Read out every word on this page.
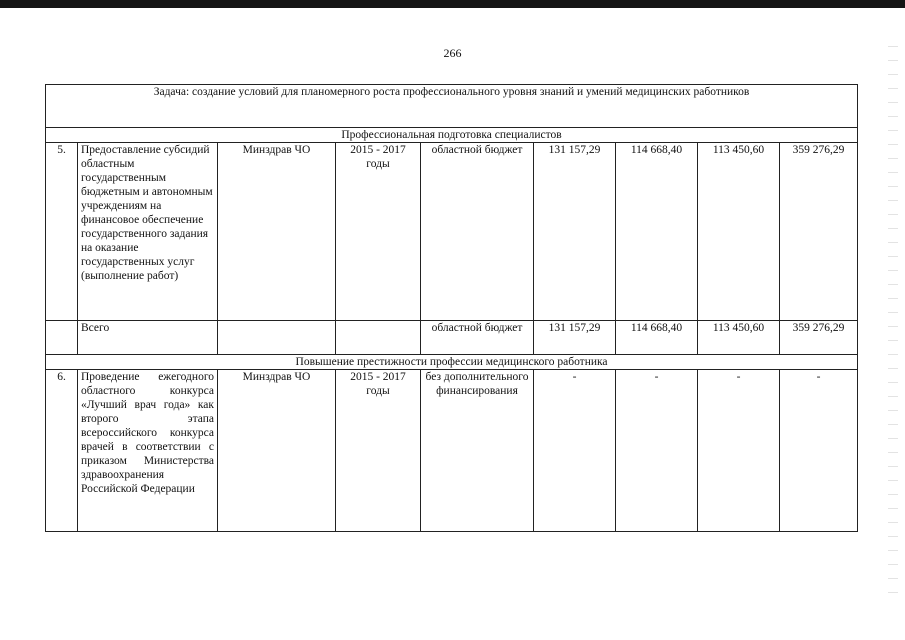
266
Задача: создание условий для планомерного роста профессионального уровня знаний и умений медицинских работников								
Профессиональная подготовка специалистов								
5.	Предоставление субсидий областным государственным бюджетным и автономным учреждениям на финансовое обеспечение государственного задания на оказание государственных услуг (выполнение работ)	Минздрав ЧО	2015 - 2017 годы	областной бюджет	131 157,29	114 668,40	113 450,60	359 276,29
	Всего			областной бюджет	131 157,29	114 668,40	113 450,60	359 276,29
Повышение престижности профессии медицинского работника								
6.	Проведение ежегодного областного конкурса «Лучший врач года» как второго этапа всероссийского конкурса врачей в соответствии с приказом Министерства здравоохранения Российской Федерации	Минздрав ЧО	2015 - 2017 годы	без дополнительного финансирования	-	-	-	-
